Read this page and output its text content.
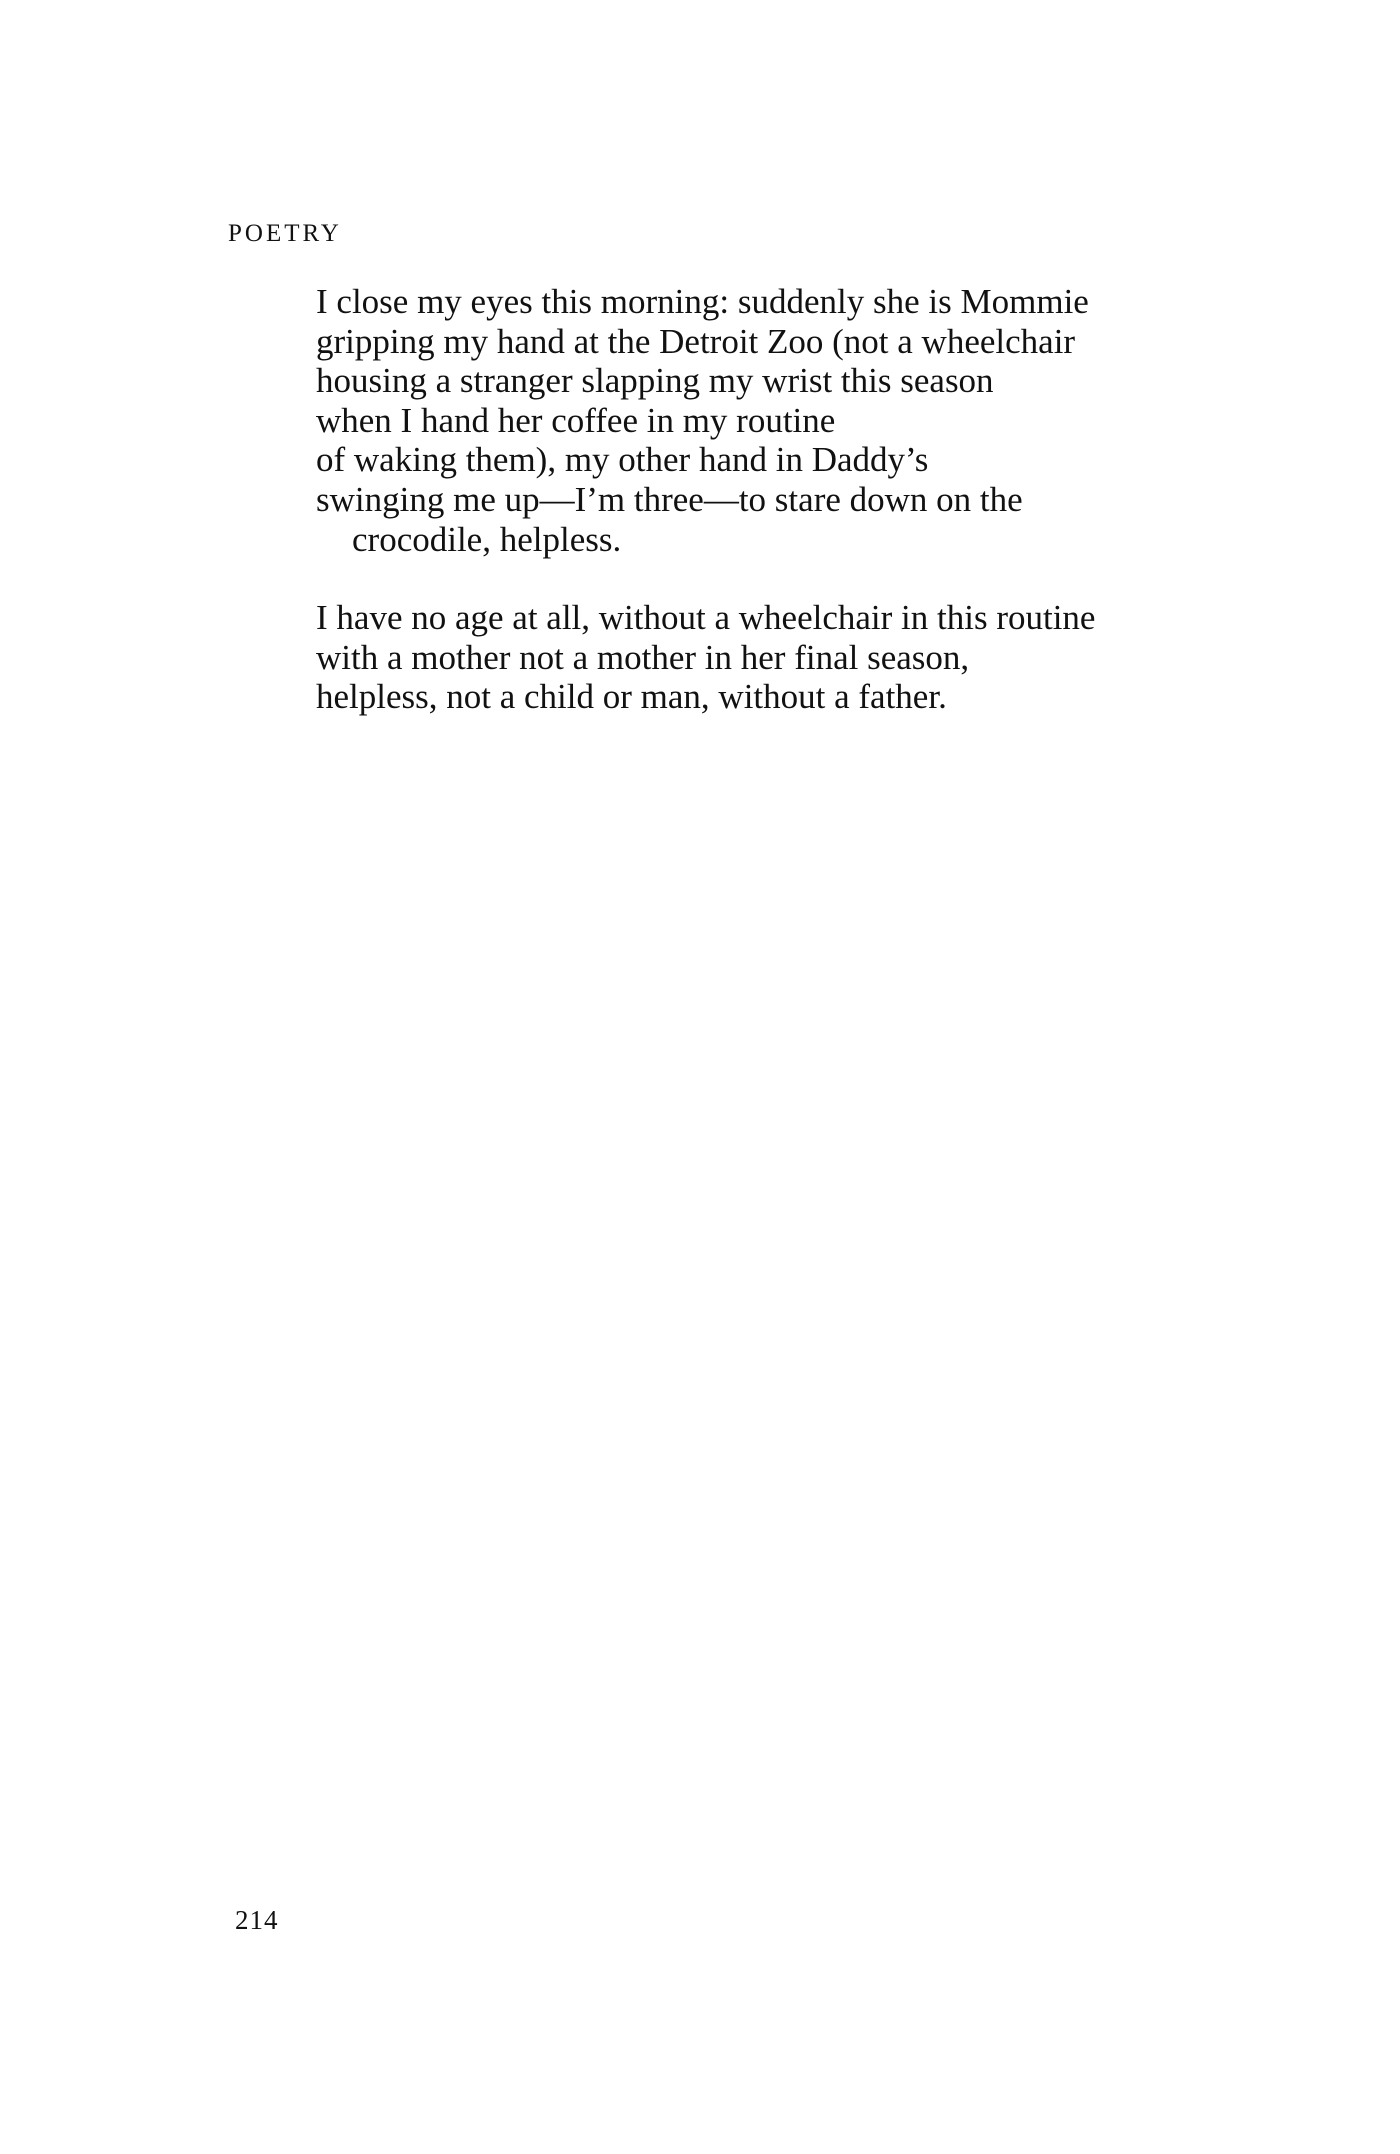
POETRY
I close my eyes this morning: suddenly she is Mommie
gripping my hand at the Detroit Zoo (not a wheelchair
housing a stranger slapping my wrist this season
when I hand her coffee in my routine
of waking them), my other hand in Daddy’s
swinging me up—I’m three—to stare down on the
crocodile, helpless.
I have no age at all, without a wheelchair in this routine
with a mother not a mother in her final season,
helpless, not a child or man, without a father.
214
